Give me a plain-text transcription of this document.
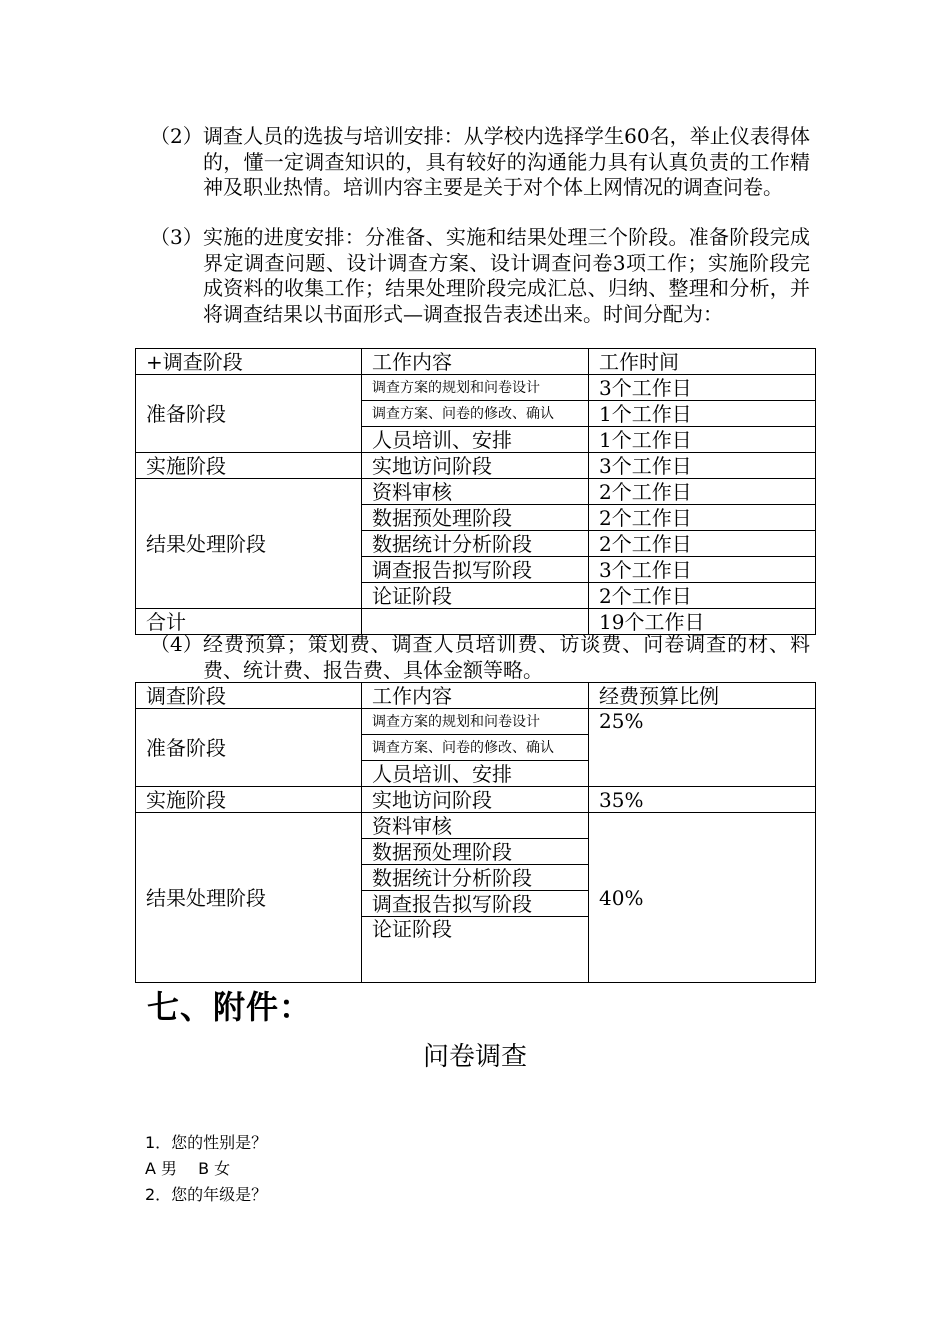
（2） 调查人员的选拔与培训安排：从学校内选择学生60名，举止仪表得体的，懂一定调查知识的，具有较好的沟通能力具有认真负责的工作精神及职业热情。培训内容主要是关于对个体上网情况的调查问卷。
（3） 实施的进度安排：分准备、实施和结果处理三个阶段。准备阶段完成界定调查问题、设计调查方案、设计调查问卷3项工作；实施阶段完成资料的收集工作；结果处理阶段完成汇总、归纳、整理和分析，并将调查结果以书面形式—调查报告表述出来。时间分配为：
+调查阶段	工作内容	工作时间
准备阶段	调查方案的规划和问卷设计	3个工作日
	调查方案、问卷的修改、确认	1个工作日
	人员培训、安排	1个工作日
实施阶段	实地访问阶段	3个工作日
结果处理阶段	资料审核	2个工作日
	数据预处理阶段	2个工作日
	数据统计分析阶段	2个工作日
	调查报告拟写阶段	3个工作日
	论证阶段	2个工作日
合计		19个工作日
（4） 经费预算；策划费、调查人员培训费、访谈费、问卷调查的材、料费、统计费、报告费、具体金额等略。
调查阶段	工作内容	经费预算比例
准备阶段	调查方案的规划和问卷设计	25%
	调查方案、问卷的修改、确认	
	人员培训、安排	
实施阶段	实地访问阶段	35%
结果处理阶段	资料审核	40%
	数据预处理阶段	
	数据统计分析阶段	
	调查报告拟写阶段	
	论证阶段	
七、附件：
问卷调查
1．您的性别是？
A 男　 B 女
2．您的年级是？
